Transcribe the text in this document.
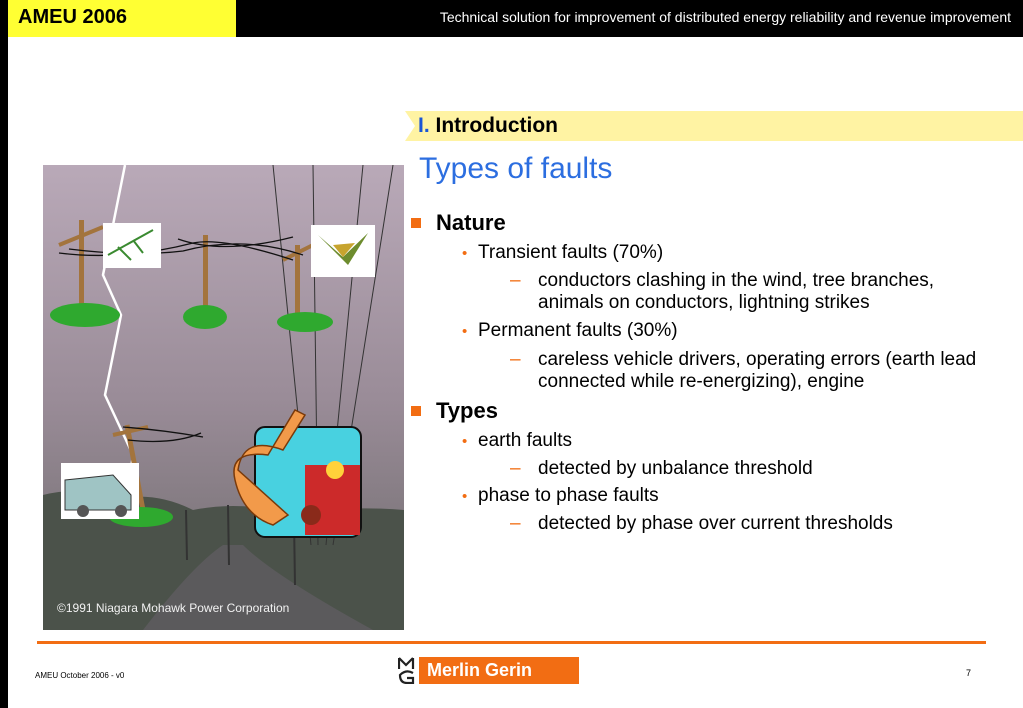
AMEU 2006	Technical solution for improvement of distributed energy reliability and revenue improvement
I. Introduction
Types of faults
Nature
• Transient faults (70%)
– conductors clashing in the wind, tree branches, animals on conductors, lightning strikes
• Permanent faults (30%)
– careless vehicle drivers, operating errors (earth lead connected while re-energizing), engine
Types
• earth faults
– detected by unbalance threshold
• phase to phase faults
– detected by phase over current thresholds
©1991 Niagara Mohawk Power Corporation
AMEU October 2006 - v0	7
Merlin Gerin
